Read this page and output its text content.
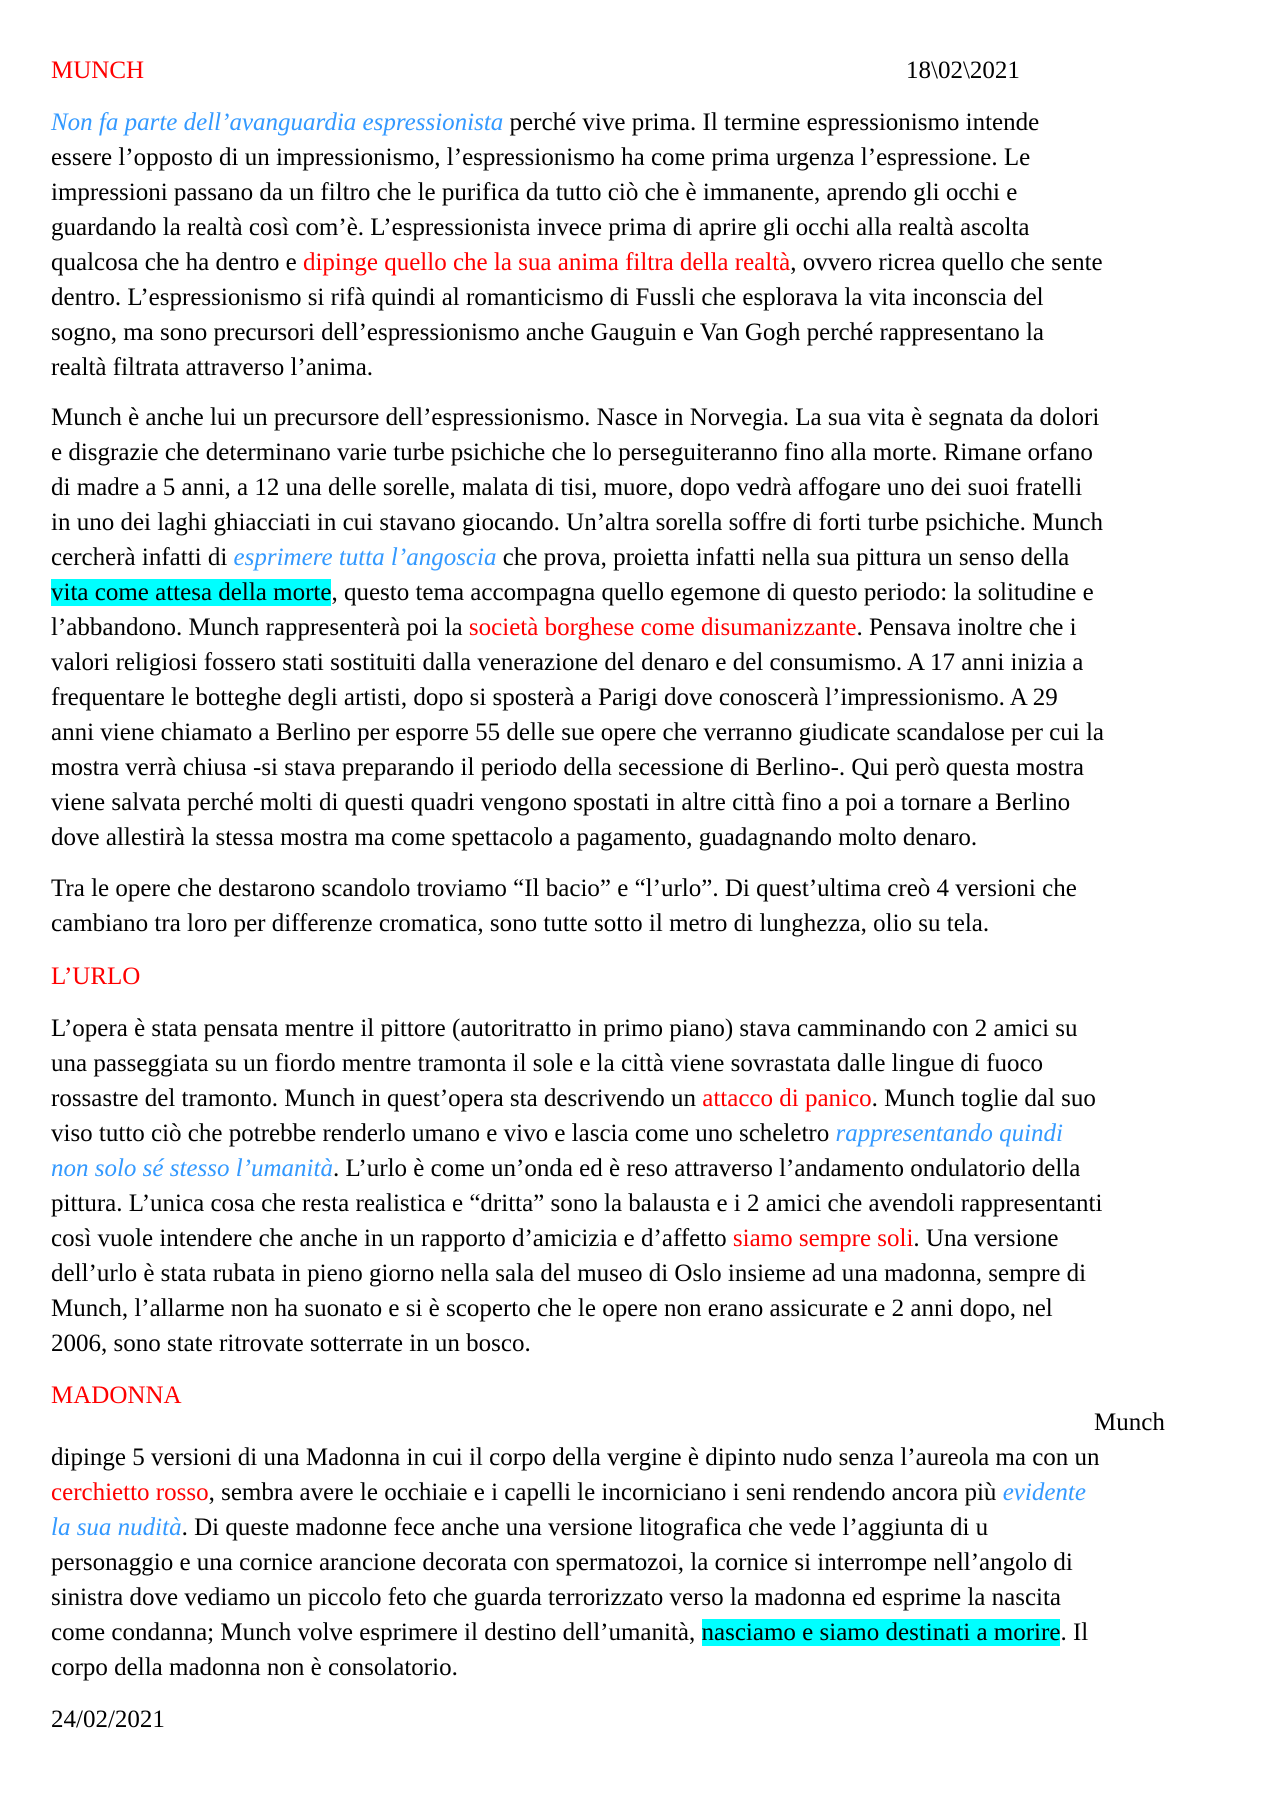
MUNCH	18\02\2021
Non fa parte dell’avanguardia espressionista perché vive prima. Il termine espressionismo intende
essere l’opposto di un impressionismo, l’espressionismo ha come prima urgenza l’espressione. Le
impressioni passano da un filtro che le purifica da tutto ciò che è immanente, aprendo gli occhi e
guardando la realtà così com’è. L’espressionista invece prima di aprire gli occhi alla realtà ascolta
qualcosa che ha dentro e dipinge quello che la sua anima filtra della realtà, ovvero ricrea quello che sente
dentro. L’espressionismo si rifà quindi al romanticismo di Fussli che esplorava la vita inconscia del
sogno, ma sono precursori dell’espressionismo anche Gauguin e Van Gogh perché rappresentano la
realtà filtrata attraverso l’anima.
Munch è anche lui un precursore dell’espressionismo. Nasce in Norvegia. La sua vita è segnata da dolori
e disgrazie che determinano varie turbe psichiche che lo perseguiteranno fino alla morte. Rimane orfano
di madre a 5 anni, a 12 una delle sorelle, malata di tisi, muore, dopo vedrà affogare uno dei suoi fratelli
in uno dei laghi ghiacciati in cui stavano giocando. Un’altra sorella soffre di forti turbe psichiche. Munch
cercherà infatti di esprimere tutta l’angoscia che prova, proietta infatti nella sua pittura un senso della
vita come attesa della morte, questo tema accompagna quello egemone di questo periodo: la solitudine e
l’abbandono. Munch rappresenterà poi la società borghese come disumanizzante. Pensava inoltre che i
valori religiosi fossero stati sostituiti dalla venerazione del denaro e del consumismo. A 17 anni inizia a
frequentare le botteghe degli artisti, dopo si sposterà a Parigi dove conoscerà l’impressionismo. A 29
anni viene chiamato a Berlino per esporre 55 delle sue opere che verranno giudicate scandalose per cui la
mostra verrà chiusa -si stava preparando il periodo della secessione di Berlino-. Qui però questa mostra
viene salvata perché molti di questi quadri vengono spostati in altre città fino a poi a tornare a Berlino
dove allestirà la stessa mostra ma come spettacolo a pagamento, guadagnando molto denaro.
Tra le opere che destarono scandolo troviamo “Il bacio” e “l’urlo”. Di quest’ultima creò 4 versioni che
cambiano tra loro per differenze cromatica, sono tutte sotto il metro di lunghezza, olio su tela.
L’URLO
L’opera è stata pensata mentre il pittore (autoritratto in primo piano) stava camminando con 2 amici su
una passeggiata su un fiordo mentre tramonta il sole e la città viene sovrastata dalle lingue di fuoco
rossastre del tramonto. Munch in quest’opera sta descrivendo un attacco di panico. Munch toglie dal suo
viso tutto ciò che potrebbe renderlo umano e vivo e lascia come uno scheletro rappresentando quindi
non solo sé stesso l’umanità. L’urlo è come un’onda ed è reso attraverso l’andamento ondulatorio della
pittura. L’unica cosa che resta realistica e “dritta” sono la balausta e i 2 amici che avendoli rappresentanti
così vuole intendere che anche in un rapporto d’amicizia e d’affetto siamo sempre soli. Una versione
dell’urlo è stata rubata in pieno giorno nella sala del museo di Oslo insieme ad una madonna, sempre di
Munch, l’allarme non ha suonato e si è scoperto che le opere non erano assicurate e 2 anni dopo, nel
2006, sono state ritrovate sotterrate in un bosco.
MADONNA
Munch
dipinge 5 versioni di una Madonna in cui il corpo della vergine è dipinto nudo senza l’aureola ma con un
cerchietto rosso, sembra avere le occhiaie e i capelli le incorniciano i seni rendendo ancora più evidente
la sua nudità. Di queste madonne fece anche una versione litografica che vede l’aggiunta di u
personaggio e una cornice arancione decorata con spermatozoi, la cornice si interrompe nell’angolo di
sinistra dove vediamo un piccolo feto che guarda terrorizzato verso la madonna ed esprime la nascita
come condanna; Munch volve esprimere il destino dell’umanità, nasciamo e siamo destinati a morire. Il
corpo della madonna non è consolatorio.
24/02/2021
